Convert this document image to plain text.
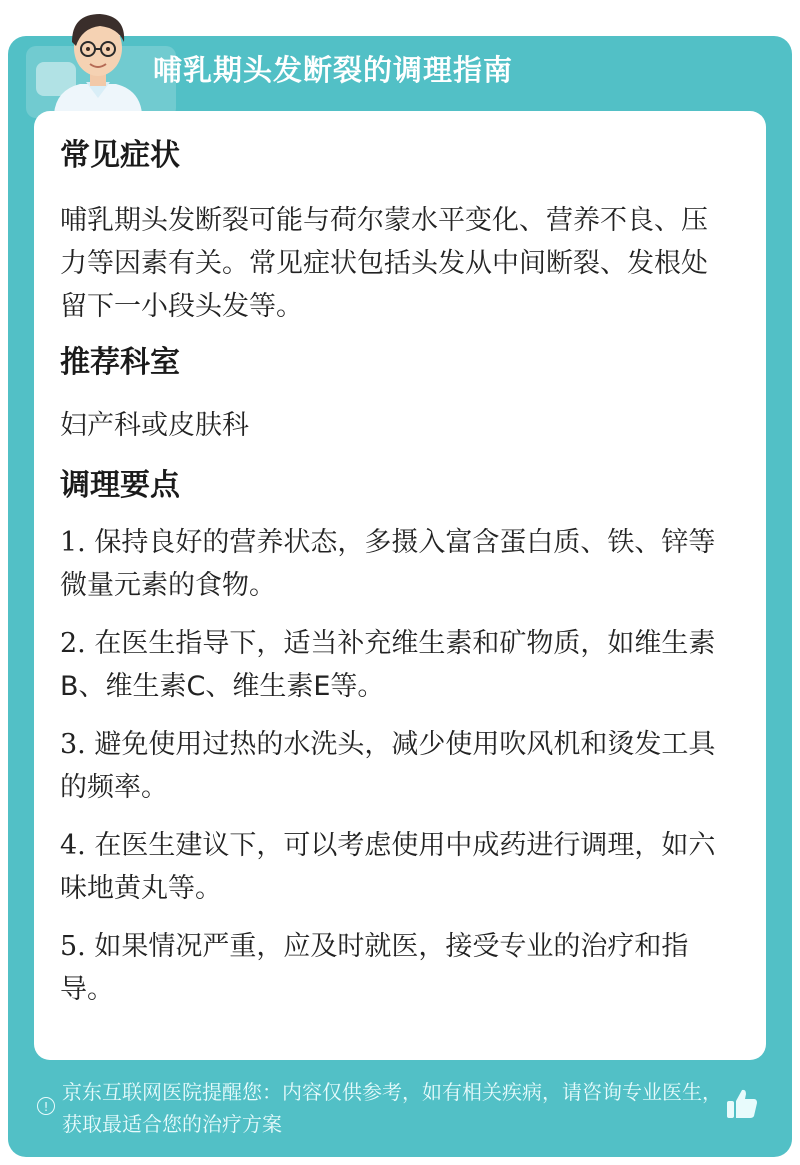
哺乳期头发断裂的调理指南
常见症状

哺乳期头发断裂可能与荷尔蒙水平变化、营养不良、压力等因素有关。常见症状包括头发从中间断裂、发根处留下一小段头发等。

推荐科室

妇产科或皮肤科

调理要点
1. 保持良好的营养状态，多摄入富含蛋白质、铁、锌等微量元素的食物。
2. 在医生指导下，适当补充维生素和矿物质，如维生素B、维生素C、维生素E等。
3. 避免使用过热的水洗头，减少使用吹风机和烫发工具的频率。
4. 在医生建议下，可以考虑使用中成药进行调理，如六味地黄丸等。
5. 如果情况严重，应及时就医，接受专业的治疗和指导。
!
京东互联网医院提醒您：内容仅供参考，如有相关疾病，请咨询专业医生，获取最适合您的治疗方案
